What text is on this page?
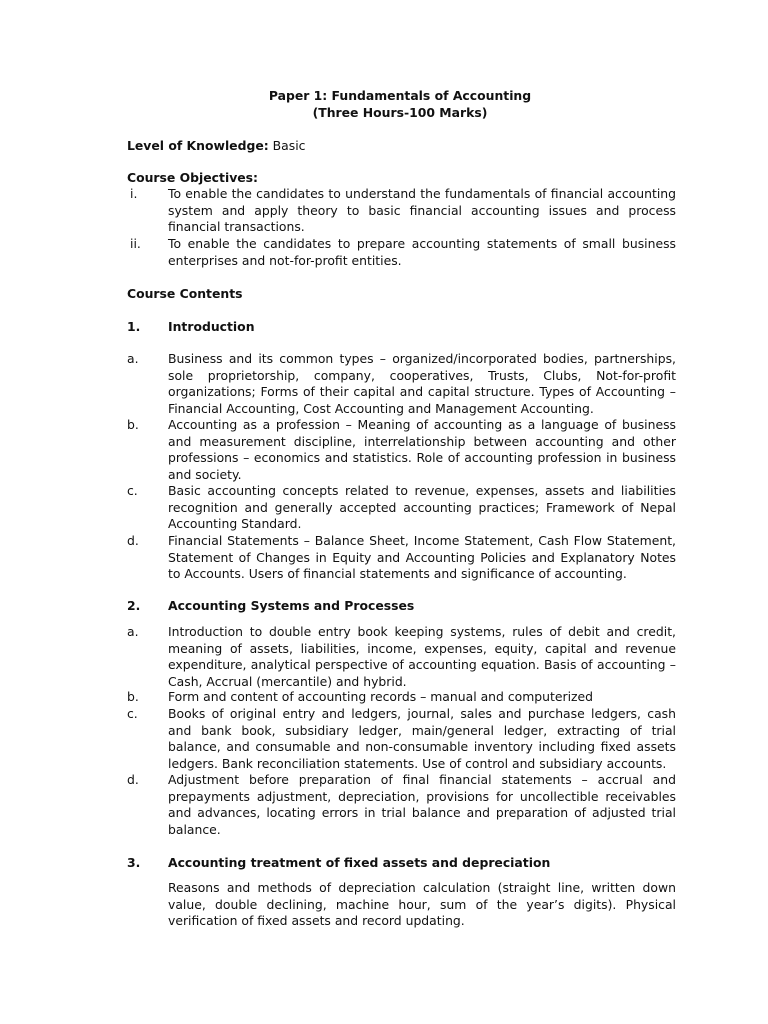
Paper 1: Fundamentals of Accounting
(Three Hours-100 Marks)
Level of Knowledge: Basic
Course Objectives:
i. To enable the candidates to understand the fundamentals of financial accounting system and apply theory to basic financial accounting issues and process financial transactions.
ii. To enable the candidates to prepare accounting statements of small business enterprises and not-for-profit entities.
Course Contents
1. Introduction
a. Business and its common types – organized/incorporated bodies, partnerships, sole proprietorship, company, cooperatives, Trusts, Clubs, Not-for-profit organizations; Forms of their capital and capital structure. Types of Accounting – Financial Accounting, Cost Accounting and Management Accounting.
b. Accounting as a profession – Meaning of accounting as a language of business and measurement discipline, interrelationship between accounting and other professions – economics and statistics. Role of accounting profession in business and society.
c. Basic accounting concepts related to revenue, expenses, assets and liabilities recognition and generally accepted accounting practices; Framework of Nepal Accounting Standard.
d. Financial Statements – Balance Sheet, Income Statement, Cash Flow Statement, Statement of Changes in Equity and Accounting Policies and Explanatory Notes to Accounts. Users of financial statements and significance of accounting.
2. Accounting Systems and Processes
a. Introduction to double entry book keeping systems, rules of debit and credit, meaning of assets, liabilities, income, expenses, equity, capital and revenue expenditure, analytical perspective of accounting equation. Basis of accounting – Cash, Accrual (mercantile) and hybrid.
b. Form and content of accounting records – manual and computerized
c. Books of original entry and ledgers, journal, sales and purchase ledgers, cash and bank book, subsidiary ledger, main/general ledger, extracting of trial balance, and consumable and non-consumable inventory including fixed assets ledgers. Bank reconciliation statements. Use of control and subsidiary accounts.
d. Adjustment before preparation of final financial statements – accrual and prepayments adjustment, depreciation, provisions for uncollectible receivables and advances, locating errors in trial balance and preparation of adjusted trial balance.
3. Accounting treatment of fixed assets and depreciation
Reasons and methods of depreciation calculation (straight line, written down value, double declining, machine hour, sum of the year’s digits). Physical verification of fixed assets and record updating.
